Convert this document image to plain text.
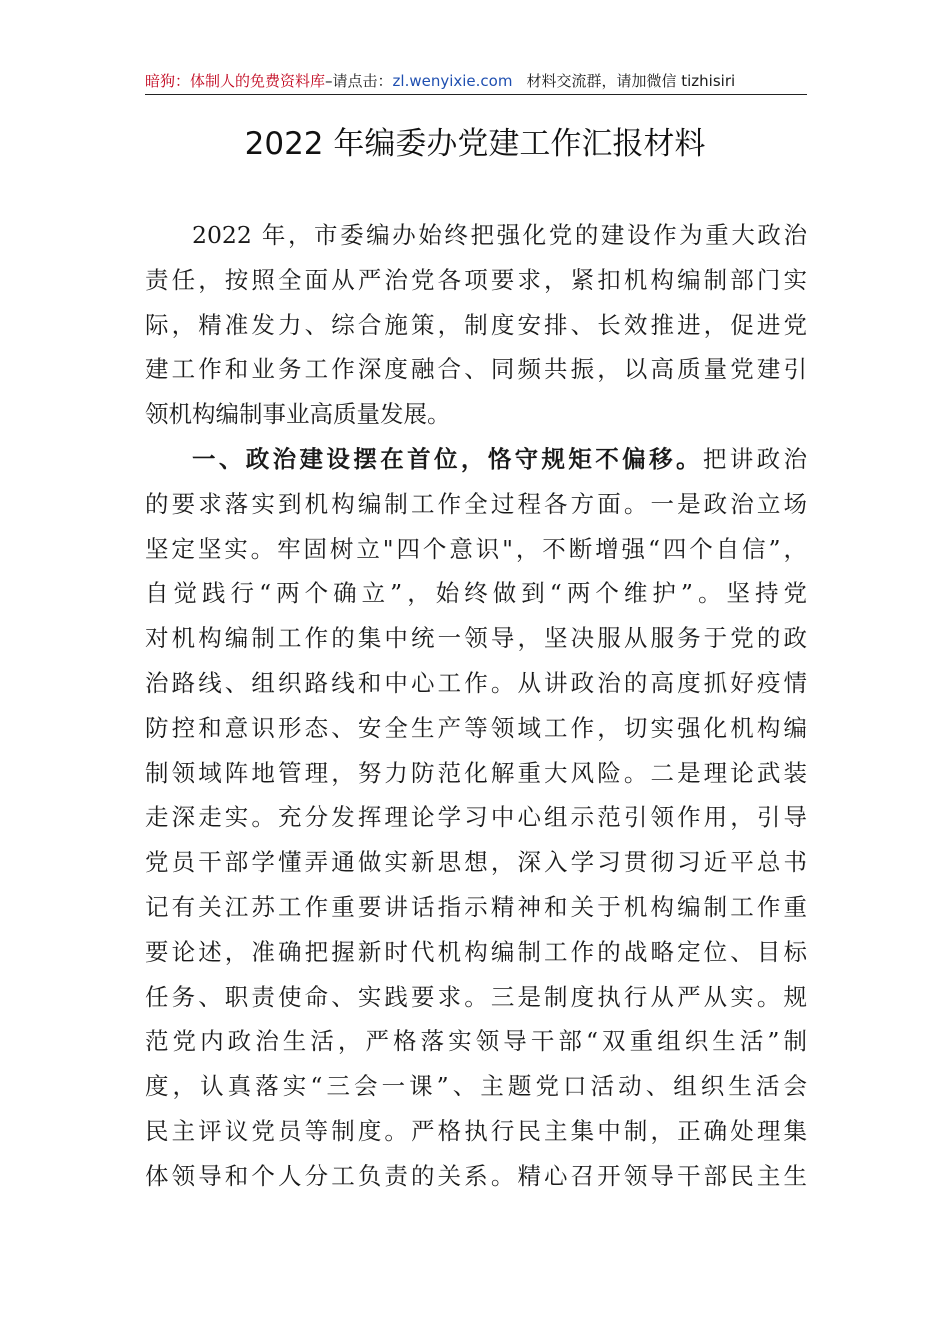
暗狗：体制人的免费资料库–请点击：zl.wenyixie.com 材料交流群，请加微信 tizhisiri
2022 年编委办党建工作汇报材料
2022 年，市委编办始终把强化党的建设作为重大政治
责任，按照全面从严治党各项要求，紧扣机构编制部门实
际，精准发力、综合施策，制度安排、长效推进，促进党
建工作和业务工作深度融合、同频共振，以高质量党建引
领机构编制事业高质量发展。
一、政治建设摆在首位，恪守规矩不偏移。把讲政治
的要求落实到机构编制工作全过程各方面。一是政治立场
坚定坚实。牢固树立"四个意识"，不断增强“四个自信”，
自觉践行“两个确立”，始终做到“两个维护”。坚持党
对机构编制工作的集中统一领导，坚决服从服务于党的政
治路线、组织路线和中心工作。从讲政治的高度抓好疫情
防控和意识形态、安全生产等领域工作，切实强化机构编
制领域阵地管理，努力防范化解重大风险。二是理论武装
走深走实。充分发挥理论学习中心组示范引领作用，引导
党员干部学懂弄通做实新思想，深入学习贯彻习近平总书
记有关江苏工作重要讲话指示精神和关于机构编制工作重
要论述，准确把握新时代机构编制工作的战略定位、目标
任务、职责使命、实践要求。三是制度执行从严从实。规
范党内政治生活，严格落实领导干部“双重组织生活”制
度，认真落实“三会一课”、主题党口活动、组织生活会
民主评议党员等制度。严格执行民主集中制，正确处理集
体领导和个人分工负责的关系。精心召开领导干部民主生
